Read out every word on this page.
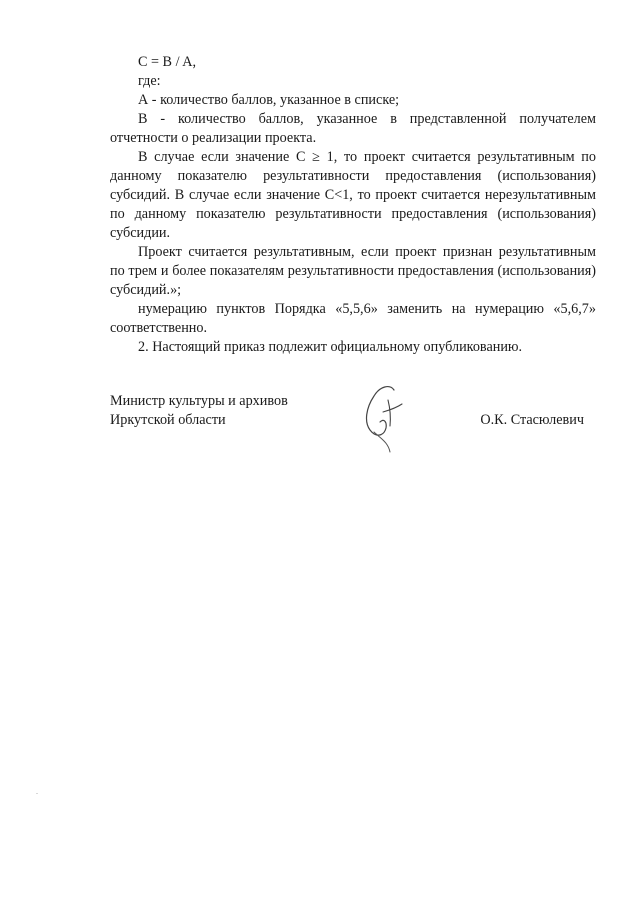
C = B / A,

где:

А - количество баллов, указанное в списке;

В - количество баллов, указанное в представленной получателем отчетности о реализации проекта.

В случае если значение С ≥ 1, то проект считается результативным по данному показателю результативности предоставления (использования) субсидий. В случае если значение С<1, то проект считается нерезультативным по данному показателю результативности предоставления (использования) субсидии.

Проект считается результативным, если проект признан результативным по трем и более показателям результативности предоставления (использования) субсидий.»;

нумерацию пунктов Порядка «5,5,6» заменить на нумерацию «5,6,7» соответственно.

2. Настоящий приказ подлежит официальному опубликованию.

Министр культуры и архивов
Иркутской области	О.К. Стасюлевич
